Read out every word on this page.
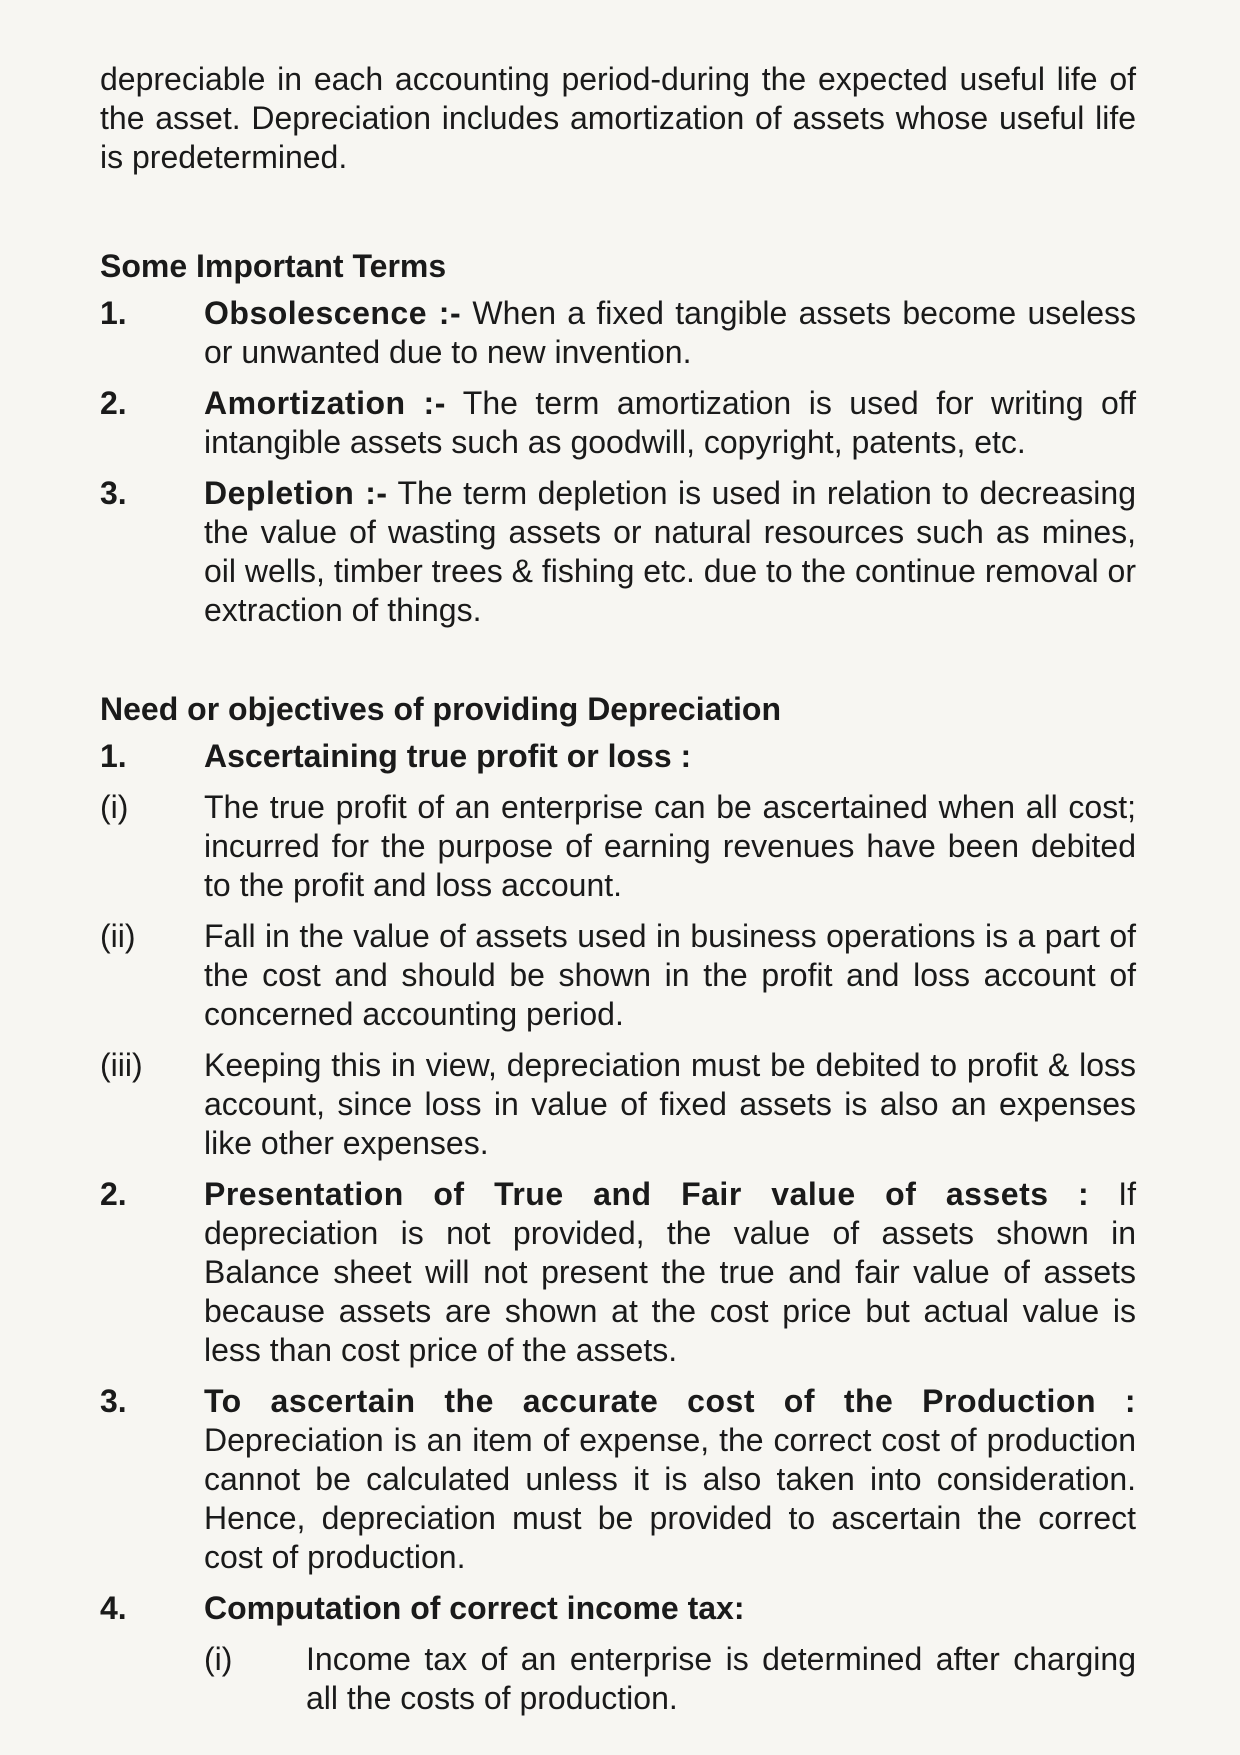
depreciable in each accounting period-during the expected useful life of the asset. Depreciation includes amortization of assets whose useful life is predetermined.

Some Important Terms
1.	Obsolescence :- When a fixed tangible assets become useless or unwanted due to new invention.

2.	Amortization :- The term amortization is used for writing off intangible assets such as goodwill, copyright, patents, etc.

3.	Depletion :- The term depletion is used in relation to decreasing the value of wasting assets or natural resources such as mines, oil wells, timber trees & fishing etc. due to the continue removal or extraction of things.

Need or objectives of providing Depreciation
1.	Ascertaining true profit or loss :

(i)	The true profit of an enterprise can be ascertained when all cost; incurred for the purpose of earning revenues have been debited to the profit and loss account.

(ii)	Fall in the value of assets used in business operations is a part of the cost and should be shown in the profit and loss account of concerned accounting period.

(iii)	Keeping this in view, depreciation must be debited to profit & loss account, since loss in value of fixed assets is also an expenses like other expenses.

2.	Presentation of True and Fair value of assets : If depreciation is not provided, the value of assets shown in Balance sheet will not present the true and fair value of assets because assets are shown at the cost price but actual value is less than cost price of the assets.

3.	To ascertain the accurate cost of the Production : Depreciation is an item of expense, the correct cost of production cannot be calculated unless it is also taken into consideration. Hence, depreciation must be provided to ascertain the correct cost of production.

4.	Computation of correct income tax:

(i)	Income tax of an enterprise is determined after charging all the costs of production.
